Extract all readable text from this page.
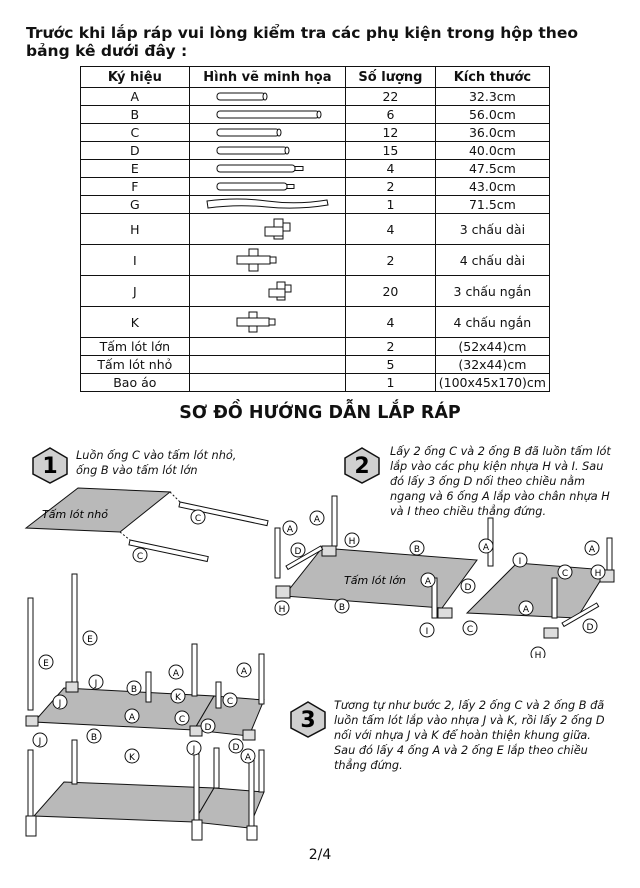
Trước khi lắp ráp vui lòng kiểm tra các phụ kiện trong hộp theo bảng kê dưới đây :

Ký hiệu	Hình vẽ minh họa	Số lượng	Kích thước
A		22	32.3cm
B		6	56.0cm
C		12	36.0cm
D		15	40.0cm
E		4	47.5cm
F		2	43.0cm
G		1	71.5cm
H		4	3 chấu dài
I		2	4 chấu dài
J		20	3 chấu ngắn
K		4	4 chấu ngắn
Tấm lót lớn		2	(52x44)cm
Tấm lót nhỏ		5	(32x44)cm
Bao áo		1	(100x45x170)cm
SƠ ĐỒ HƯỚNG DẪN LẮP RÁP
1 Luồn ống C vào tấm lót nhỏ, ống B vào tấm lót lớn	2

Lấy 2 ống C và 2 ống B đã luồn tấm lót lắp vào các phụ kiện nhựa H và I. Sau đó lấy 3 ống D nối theo chiều nằm ngang và 6 ống A lắp vào chân nhựa H và I theo chiều thẳng đứng.

3

Tương tự như bước 2, lấy 2 ống C và 2 ống B đã luồn tấm lót lắp vào nhựa J và K, rồi lấy 2 ống D nối với nhựa J và K để hoàn thiện khung giữa. Sau đó lấy 4 ống A và 2 ống E lắp theo chiều thẳng đứng.

Tấm lót nhỏ	C
C
Tấm lót lớn
A
A
H
D	B	A
I
A
C	H
A
D
A
H	B
C
I	D
H
E
E
J
B
A	A
K	C
J
A	C
D
B
D
J
K
J
A
2/4
